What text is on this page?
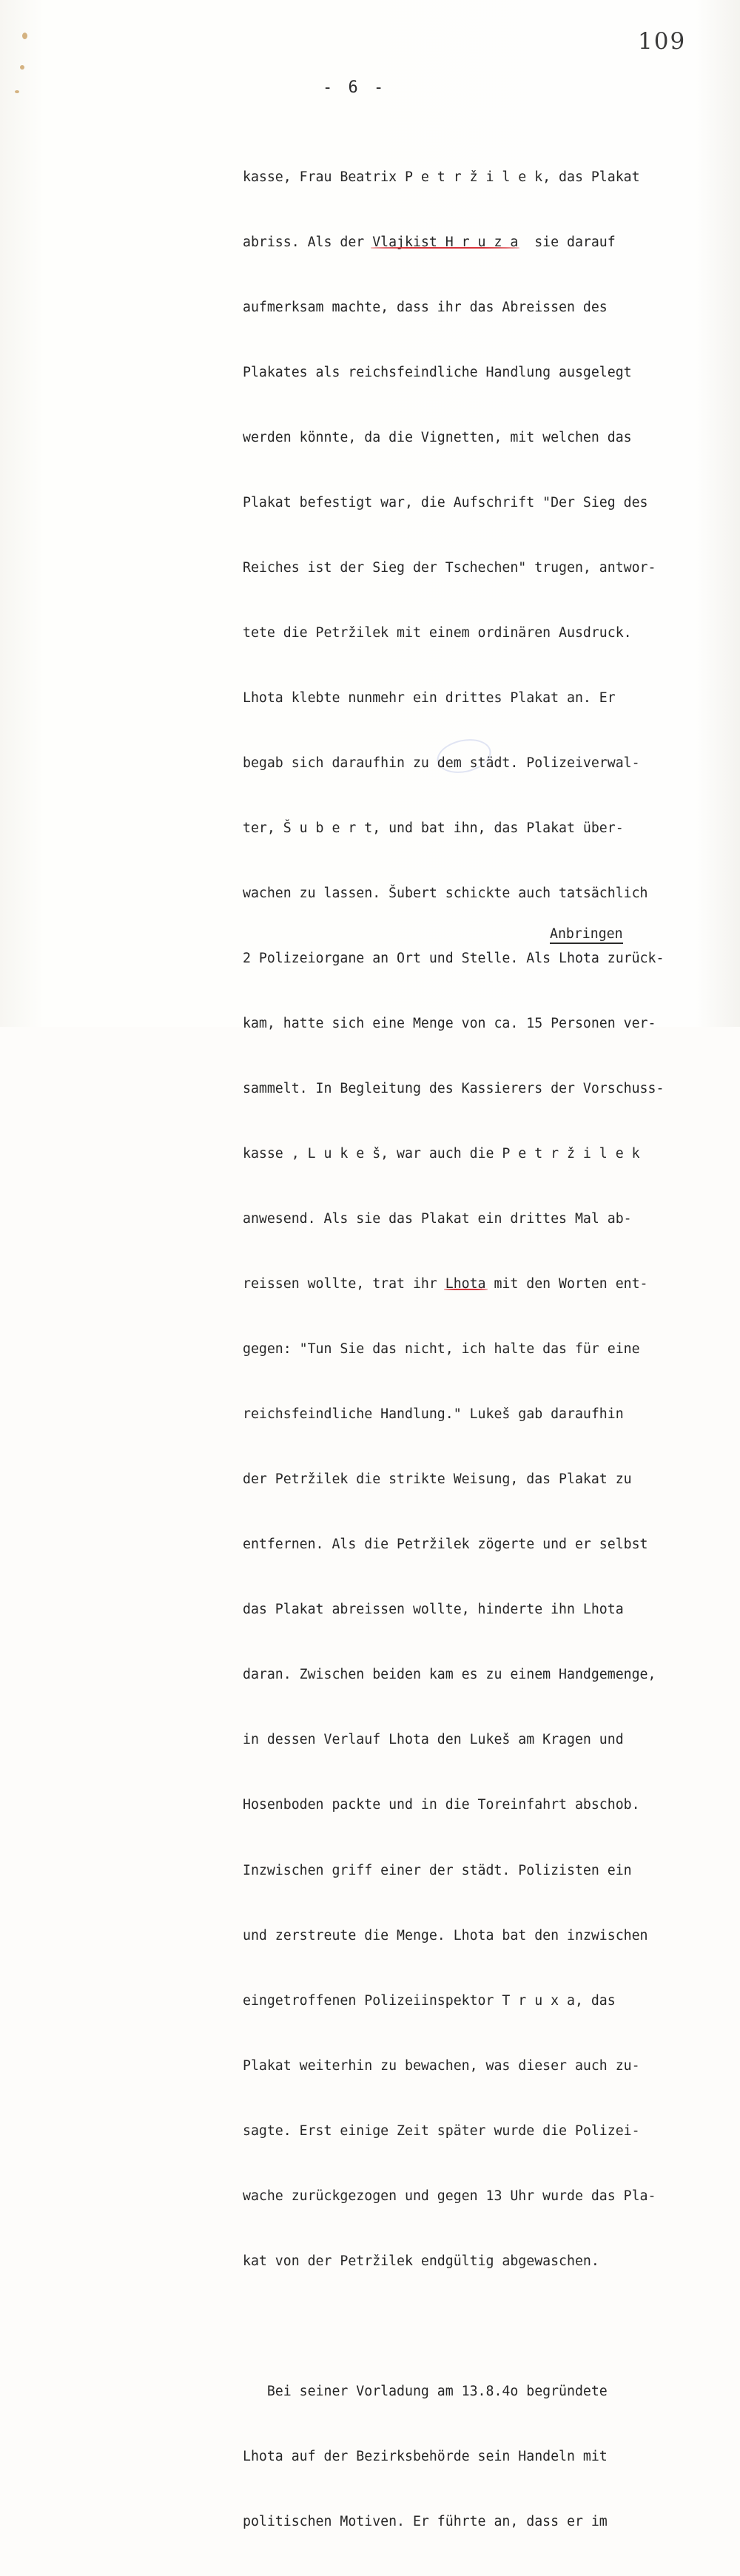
109
- 6 -

kasse, Frau Beatrix P e t r ž i l e k, das Plakat

abriss. Als der Vlajkist H r u z a  sie darauf

aufmerksam machte, dass ihr das Abreissen des

Plakates als reichsfeindliche Handlung ausgelegt

werden könnte, da die Vignetten, mit welchen das

Plakat befestigt war, die Aufschrift "Der Sieg des

Reiches ist der Sieg der Tschechen" trugen, antwor-

tete die Petržilek mit einem ordinären Ausdruck.

Lhota klebte nunmehr ein drittes Plakat an. Er

begab sich daraufhin zu dem städt. Polizeiverwal-

ter, Š u b e r t, und bat ihn, das Plakat über-

wachen zu lassen. Šubert schickte auch tatsächlich

2 Polizeiorgane an Ort und Stelle. Als Lhota zurück-

kam, hatte sich eine Menge von ca. 15 Personen ver-

sammelt. In Begleitung des Kassierers der Vorschuss-

kasse , L u k e š, war auch die P e t r ž i l e k

anwesend. Als sie das Plakat ein drittes Mal ab-

reissen wollte, trat ihr Lhota mit den Worten ent-

gegen: "Tun Sie das nicht, ich halte das für eine

reichsfeindliche Handlung." Lukeš gab daraufhin

der Petržilek die strikte Weisung, das Plakat zu

entfernen. Als die Petržilek zögerte und er selbst

das Plakat abreissen wollte, hinderte ihn Lhota

daran. Zwischen beiden kam es zu einem Handgemenge,

in dessen Verlauf Lhota den Lukeš am Kragen und

Hosenboden packte und in die Toreinfahrt abschob.

Inzwischen griff einer der städt. Polizisten ein

und zerstreute die Menge. Lhota bat den inzwischen

eingetroffenen Polizeiinspektor T r u x a, das

Plakat weiterhin zu bewachen, was dieser auch zu-

sagte. Erst einige Zeit später wurde die Polizei-

wache zurückgezogen und gegen 13 Uhr wurde das Pla-

kat von der Petržilek endgültig abgewaschen.

Bei seiner Vorladung am 13.8.4o begründete

Lhota auf der Bezirksbehörde sein Handeln mit

politischen Motiven. Er führte an, dass er im

Anbringen
